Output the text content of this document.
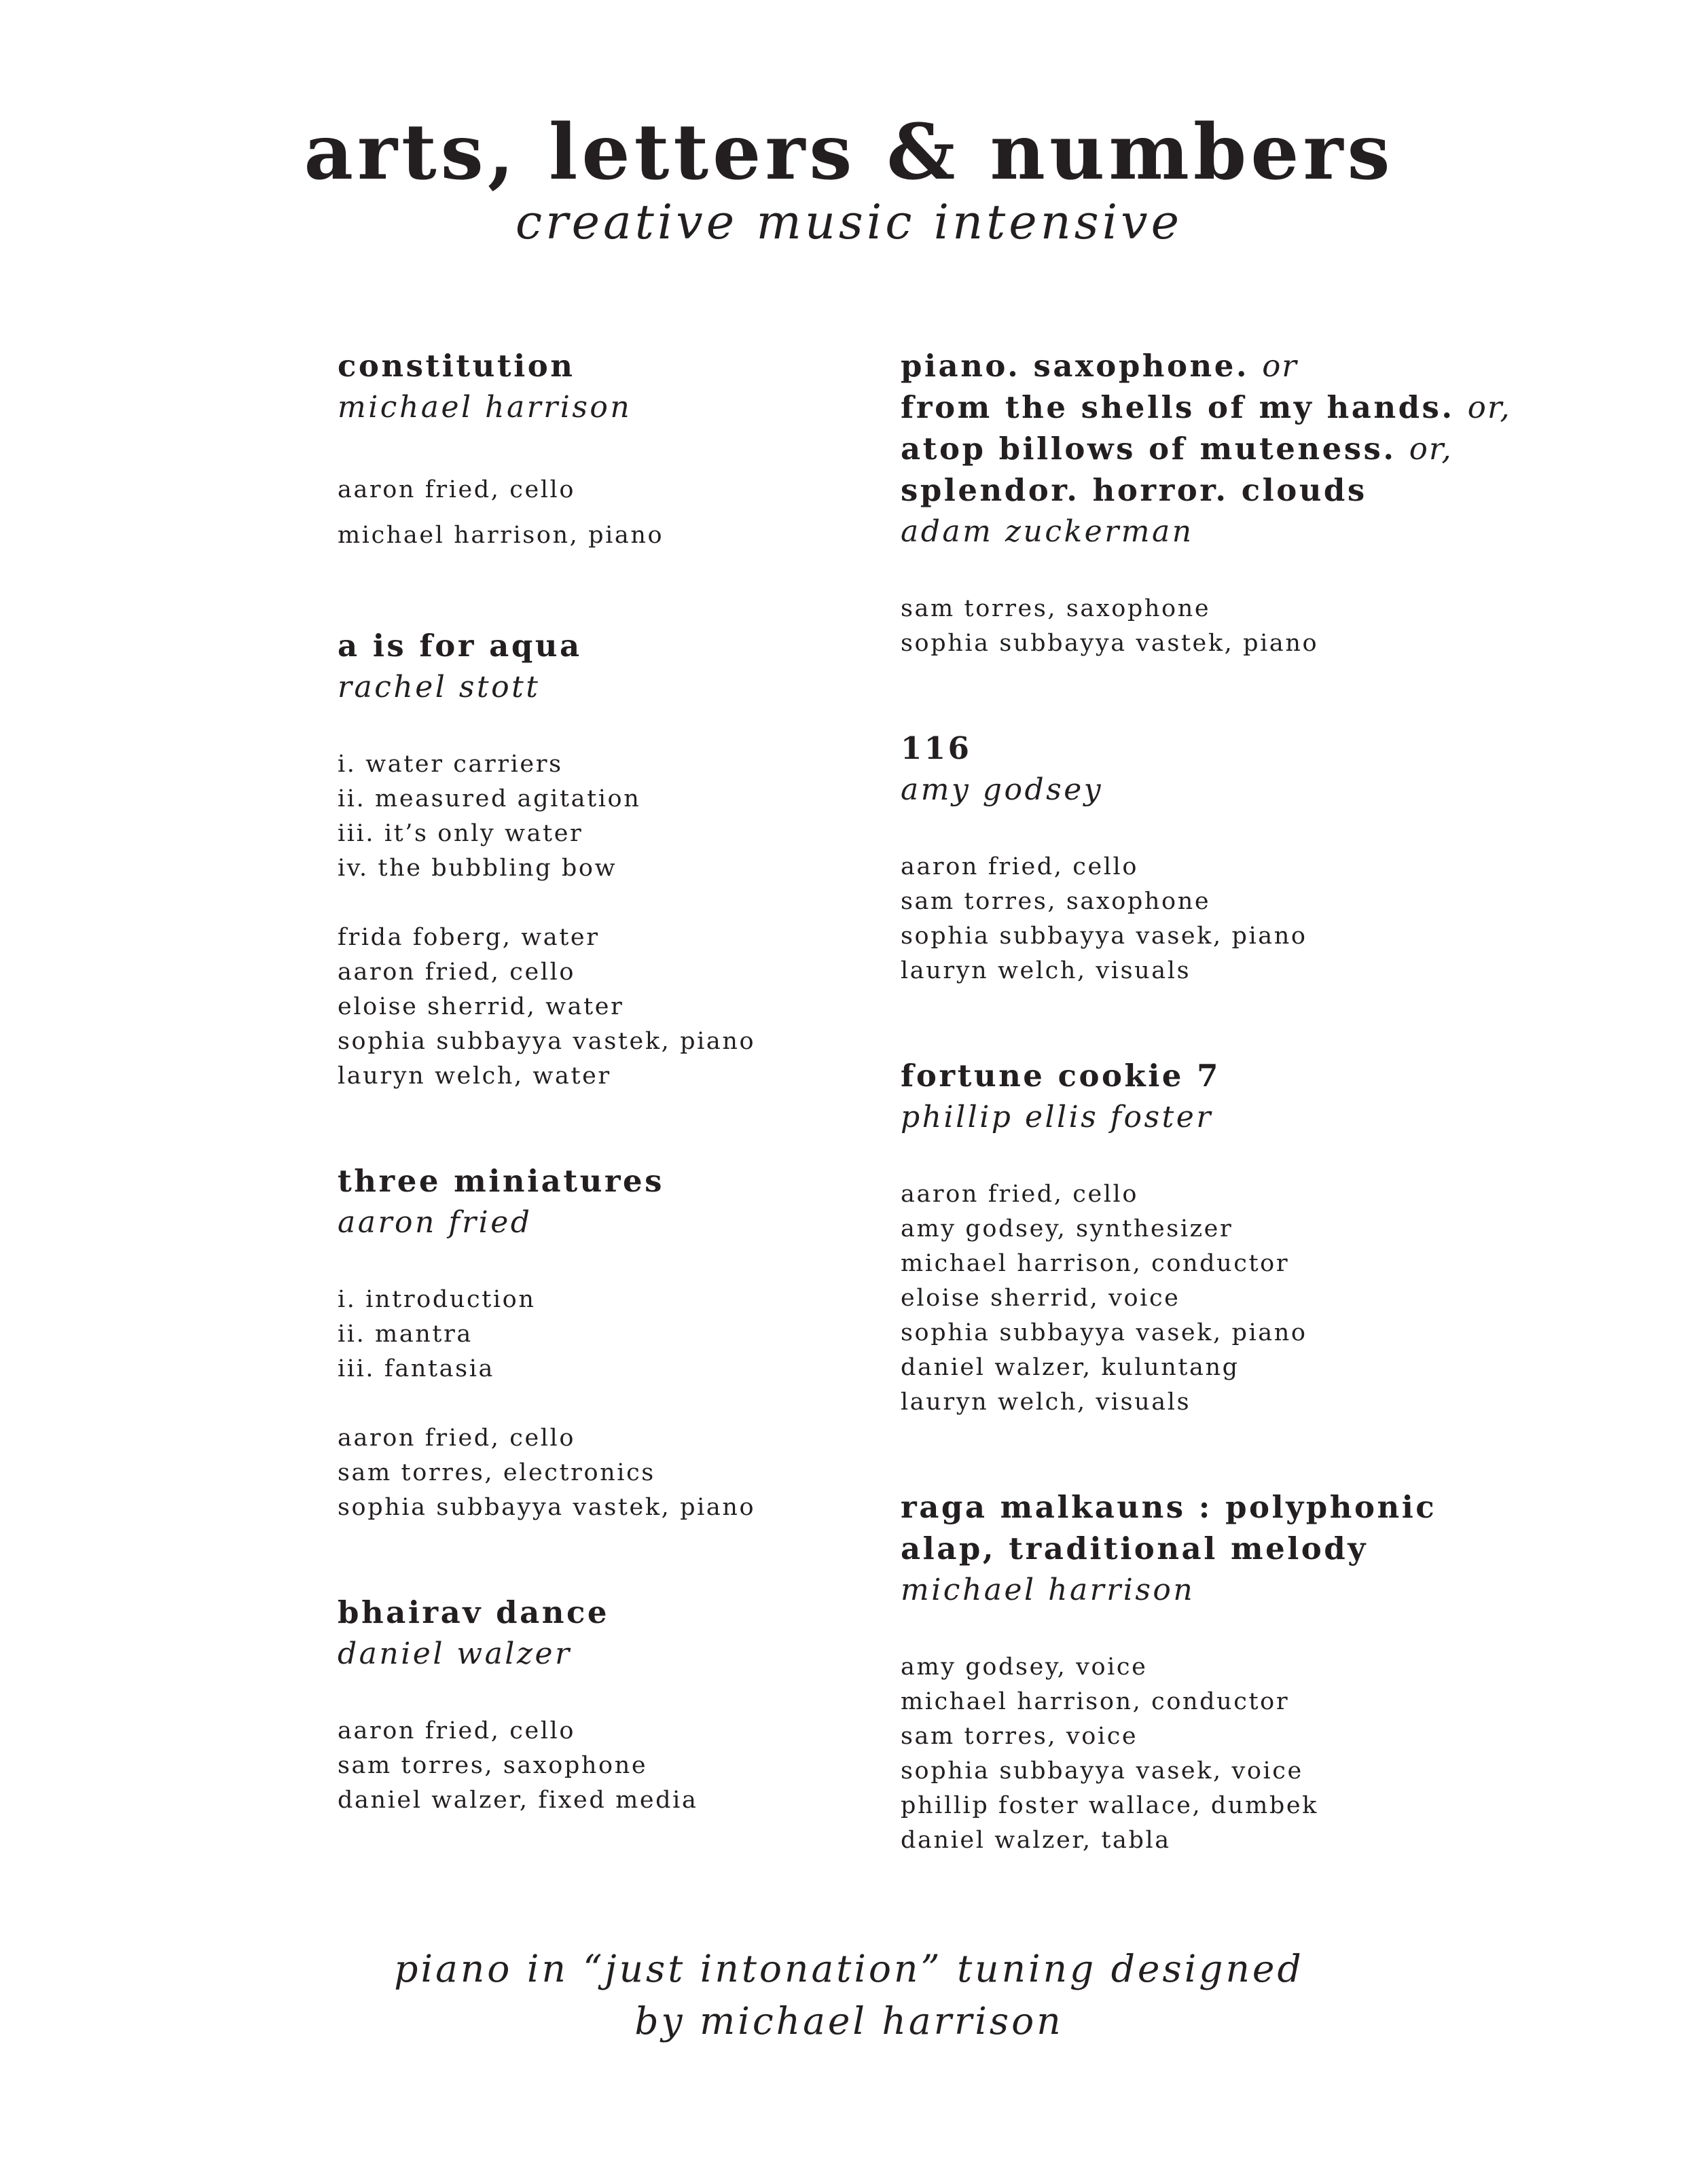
arts, letters & numbers
creative music intensive
constitution
michael harrison
aaron fried, cello
michael harrison, piano
a is for aqua
rachel stott
i. water carriers
ii. measured agitation
iii. it’s only water
iv. the bubbling bow
frida foberg, water
aaron fried, cello
eloise sherrid, water
sophia subbayya vastek, piano
lauryn welch, water
three miniatures
aaron fried
i. introduction
ii. mantra
iii. fantasia
aaron fried, cello
sam torres, electronics
sophia subbayya vastek, piano
bhairav dance
daniel walzer
aaron fried, cello
sam torres, saxophone
daniel walzer, fixed media
piano. saxophone. or
from the shells of my hands. or,
atop billows of muteness. or,
splendor. horror. clouds
adam zuckerman
sam torres, saxophone
sophia subbayya vastek, piano
116
amy godsey
aaron fried, cello
sam torres, saxophone
sophia subbayya vasek, piano
lauryn welch, visuals
fortune cookie 7
phillip ellis foster
aaron fried, cello
amy godsey, synthesizer
michael harrison, conductor
eloise sherrid, voice
sophia subbayya vasek, piano
daniel walzer, kuluntang
lauryn welch, visuals
raga malkauns : polyphonic
alap, traditional melody
michael harrison
amy godsey, voice
michael harrison, conductor
sam torres, voice
sophia subbayya vasek, voice
phillip foster wallace, dumbek
daniel walzer, tabla
piano in “just intonation” tuning designed
by michael harrison
